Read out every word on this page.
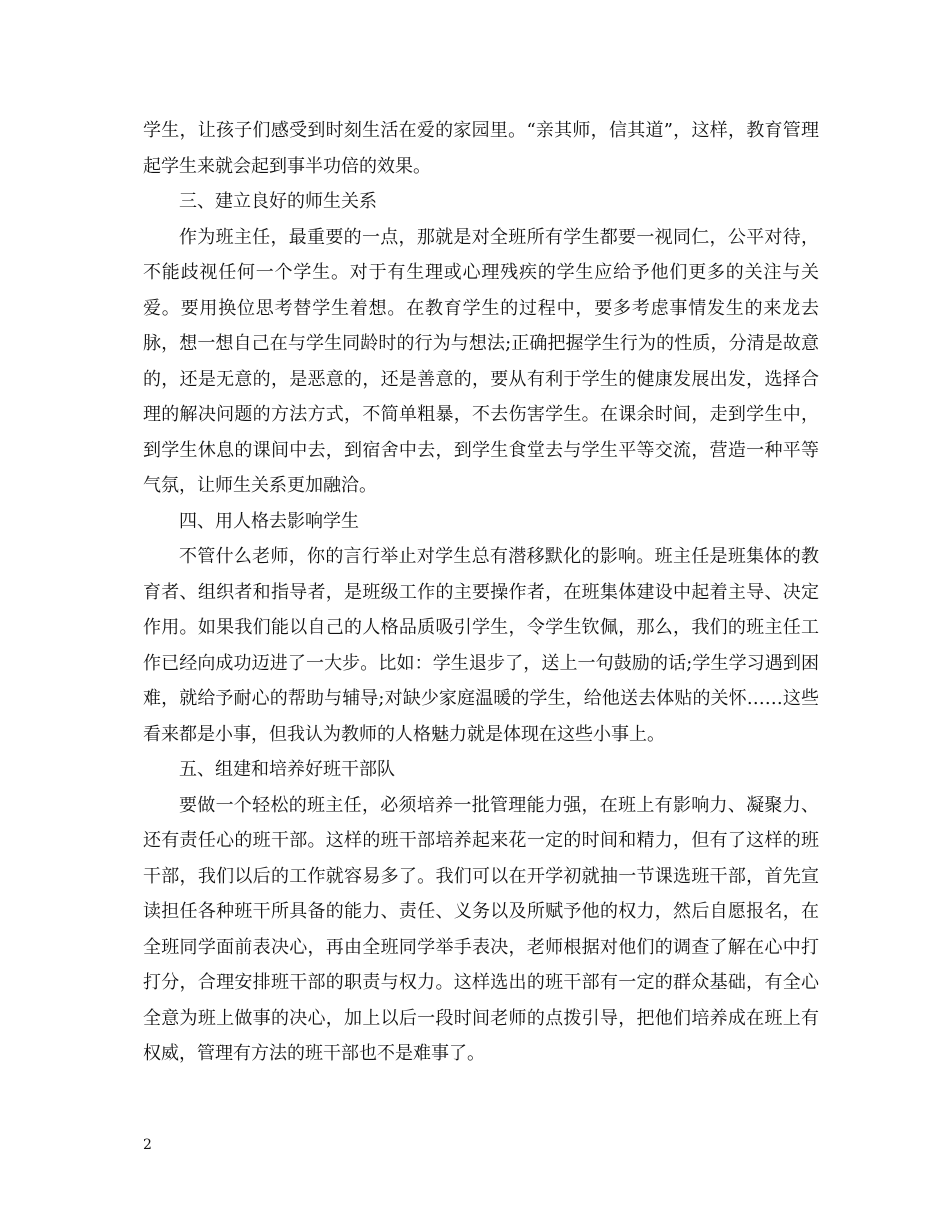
学生，让孩子们感受到时刻生活在爱的家园里。“亲其师，信其道”，这样，教育管理起学生来就会起到事半功倍的效果。

三、建立良好的师生关系

作为班主任，最重要的一点，那就是对全班所有学生都要一视同仁，公平对待，不能歧视任何一个学生。对于有生理或心理残疾的学生应给予他们更多的关注与关爱。要用换位思考替学生着想。在教育学生的过程中，要多考虑事情发生的来龙去脉，想一想自己在与学生同龄时的行为与想法;正确把握学生行为的性质，分清是故意的，还是无意的，是恶意的，还是善意的，要从有利于学生的健康发展出发，选择合理的解决问题的方法方式，不简单粗暴，不去伤害学生。在课余时间，走到学生中，到学生休息的课间中去，到宿舍中去，到学生食堂去与学生平等交流，营造一种平等气氛，让师生关系更加融洽。

四、用人格去影响学生

不管什么老师，你的言行举止对学生总有潜移默化的影响。班主任是班集体的教育者、组织者和指导者，是班级工作的主要操作者，在班集体建设中起着主导、决定作用。如果我们能以自己的人格品质吸引学生，令学生钦佩，那么，我们的班主任工作已经向成功迈进了一大步。比如：学生退步了，送上一句鼓励的话;学生学习遇到困难，就给予耐心的帮助与辅导;对缺少家庭温暖的学生，给他送去体贴的关怀……这些看来都是小事，但我认为教师的人格魅力就是体现在这些小事上。

五、组建和培养好班干部队

要做一个轻松的班主任，必须培养一批管理能力强，在班上有影响力、凝聚力、还有责任心的班干部。这样的班干部培养起来花一定的时间和精力，但有了这样的班干部，我们以后的工作就容易多了。我们可以在开学初就抽一节课选班干部，首先宣读担任各种班干所具备的能力、责任、义务以及所赋予他的权力，然后自愿报名，在全班同学面前表决心，再由全班同学举手表决，老师根据对他们的调查了解在心中打打分，合理安排班干部的职责与权力。这样选出的班干部有一定的群众基础，有全心全意为班上做事的决心，加上以后一段时间老师的点拨引导，把他们培养成在班上有权威，管理有方法的班干部也不是难事了。

2
